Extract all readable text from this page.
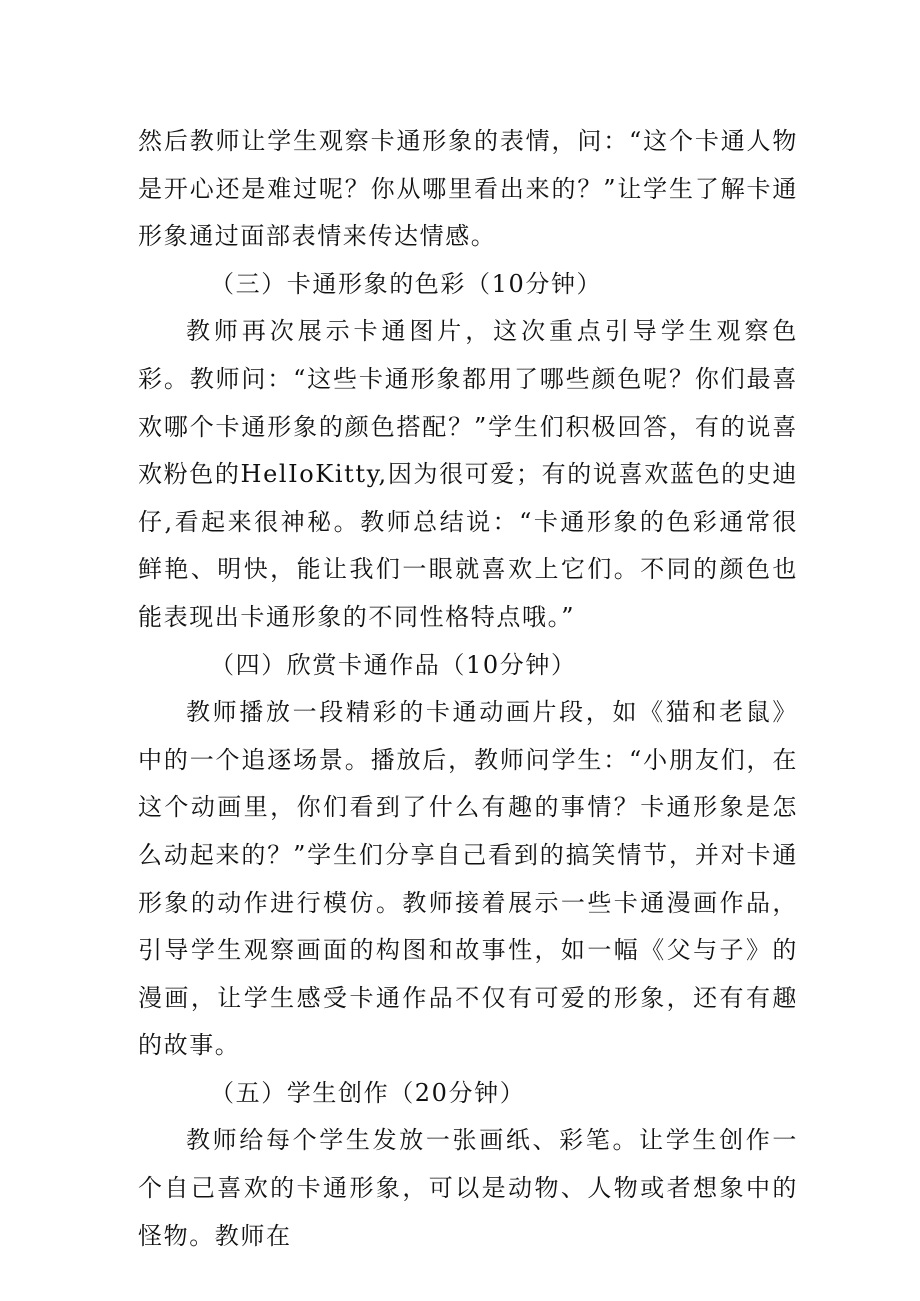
然后教师让学生观察卡通形象的表情，问：“这个卡通人物是开心还是难过呢？你从哪里看出来的？”让学生了解卡通形象通过面部表情来传达情感。

（三）卡通形象的色彩（10分钟）

教师再次展示卡通图片，这次重点引导学生观察色彩。教师问：“这些卡通形象都用了哪些颜色呢？你们最喜欢哪个卡通形象的颜色搭配？”学生们积极回答，有的说喜欢粉色的HelIoKitty,因为很可爱；有的说喜欢蓝色的史迪仔,看起来很神秘。教师总结说：“卡通形象的色彩通常很鲜艳、明快，能让我们一眼就喜欢上它们。不同的颜色也能表现出卡通形象的不同性格特点哦。”

（四）欣赏卡通作品（10分钟）

教师播放一段精彩的卡通动画片段，如《猫和老鼠》中的一个追逐场景。播放后，教师问学生：“小朋友们，在这个动画里，你们看到了什么有趣的事情？卡通形象是怎么动起来的？”学生们分享自己看到的搞笑情节，并对卡通形象的动作进行模仿。教师接着展示一些卡通漫画作品，引导学生观察画面的构图和故事性，如一幅《父与子》的漫画，让学生感受卡通作品不仅有可爱的形象，还有有趣的故事。

（五）学生创作（20分钟）

教师给每个学生发放一张画纸、彩笔。让学生创作一个自己喜欢的卡通形象，可以是动物、人物或者想象中的怪物。教师在
